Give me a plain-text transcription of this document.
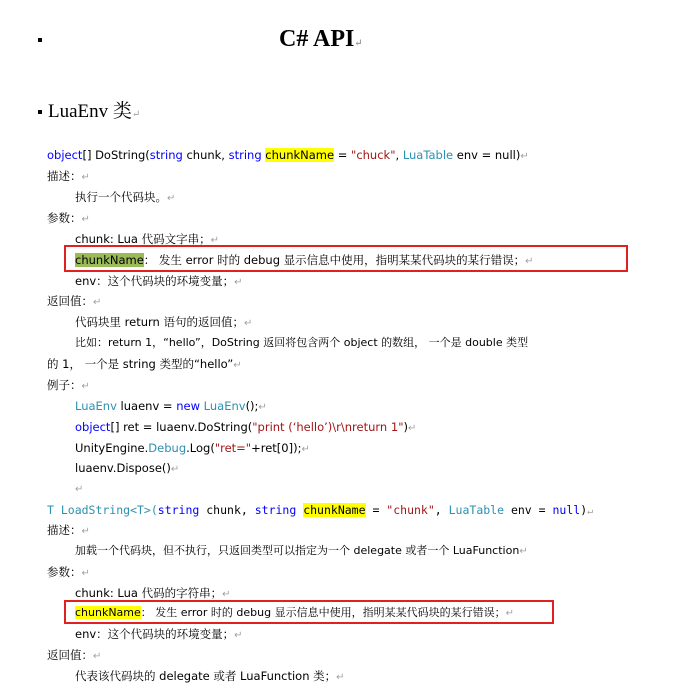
C# API↵
LuaEnv 类↵
object[] DoString(string chunk, string chunkName = "chuck", LuaTable env = null)↵
描述：↵
执行一个代码块。↵
参数：↵
chunk: Lua 代码文字串；↵
chunkName： 发生 error 时的 debug 显示信息中使用，指明某某代码块的某行错误；↵
env：这个代码块的环境变量；↵
返回值：↵
代码块里 return 语句的返回值；↵
比如：return 1，“hello”，DoString 返回将包含两个 object 的数组， 一个是 double 类型
的 1， 一个是 string 类型的“hello”↵
例子：↵
LuaEnv luaenv = new LuaEnv();↵
object[] ret = luaenv.DoString("print (‘hello’)\r\nreturn 1")↵
UnityEngine.Debug.Log("ret="+ret[0]);↵
luaenv.Dispose()↵
↵
T LoadString<T>(string chunk, string chunkName = "chunk", LuaTable env = null)↵
描述：↵
加载一个代码块，但不执行，只返回类型可以指定为一个 delegate 或者一个 LuaFunction↵
参数：↵
chunk: Lua 代码的字符串；↵
chunkName： 发生 error 时的 debug 显示信息中使用，指明某某代码块的某行错误；↵
env：这个代码块的环境变量；↵
返回值：↵
代表该代码块的 delegate 或者 LuaFunction 类；↵
